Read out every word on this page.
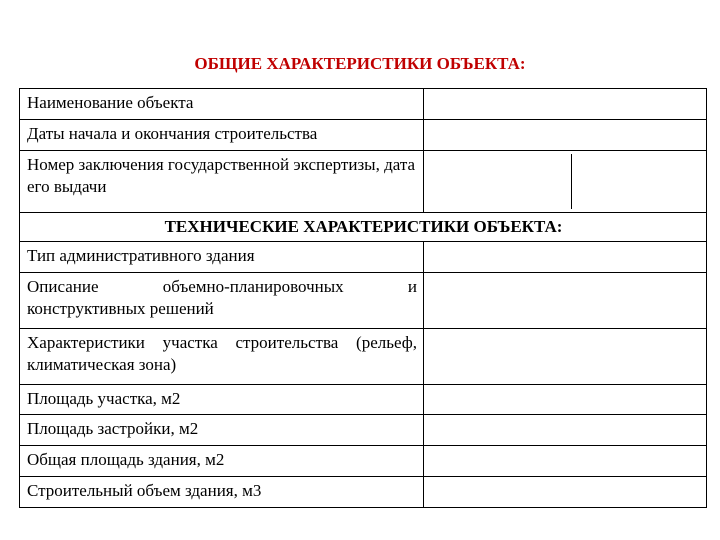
ОБЩИЕ ХАРАКТЕРИСТИКИ ОБЪЕКТА:
Наименование объекта	
Даты начала и окончания строительства	

Номер заключения государственной экспертизы, дата его выдачи	

ТЕХНИЧЕСКИЕ ХАРАКТЕРИСТИКИ ОБЪЕКТА:	
Тип административного здания	
Описание объемно-планировочных и конструктивных решений	
Характеристики участка строительства (рельеф, климатическая зона)	
Площадь участка, м2	
Площадь застройки, м2	
Общая площадь здания, м2	
Строительный объем здания, м3	
